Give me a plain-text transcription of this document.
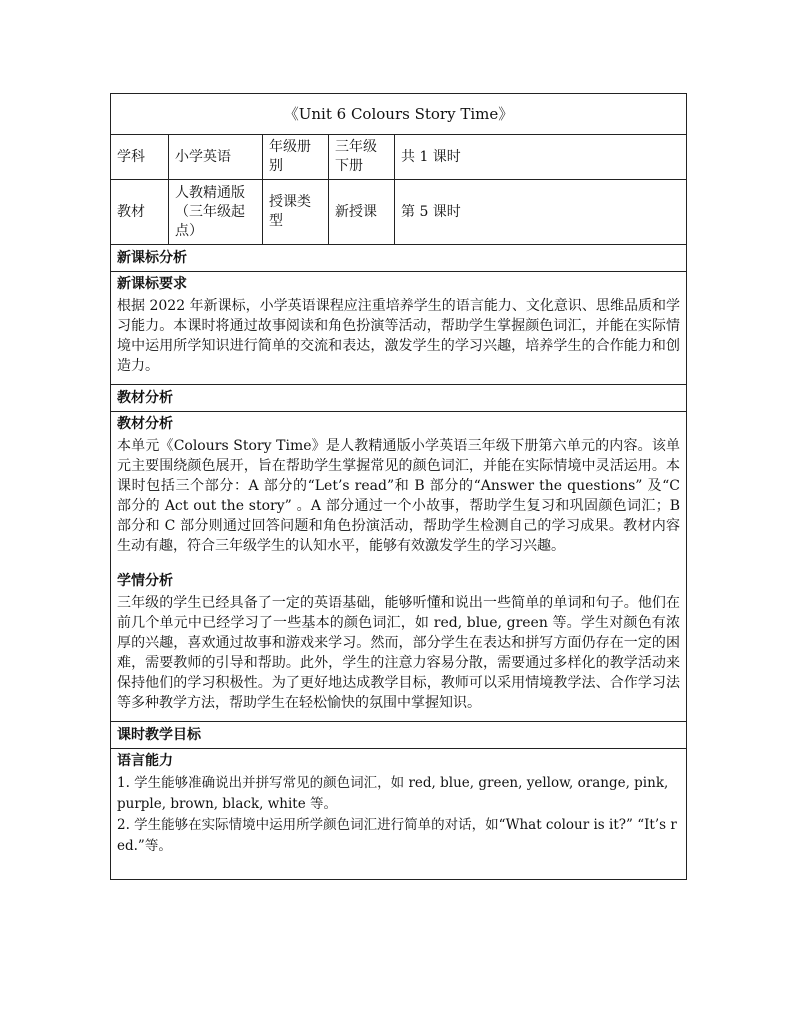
《Unit 6 Colours Story Time》				
学科	小学英语	年级册别	三年级下册	共 1 课时
教材	人教精通版（三年级起点）	授课类型	新授课	第 5 课时
新课标分析				

新课标要求

根据 2022 年新课标，小学英语课程应注重培养学生的语言能力、文化意识、思维品质和学习能力。本课时将通过故事阅读和角色扮演等活动，帮助学生掌握颜色词汇，并能在实际情境中运用所学知识进行简单的交流和表达，激发学生的学习兴趣，培养学生的合作能力和创造力。				

教材分析				

教材分析

本单元《Colours Story Time》是人教精通版小学英语三年级下册第六单元的内容。该单元主要围绕颜色展开，旨在帮助学生掌握常见的颜色词汇，并能在实际情境中灵活运用。本课时包括三个部分：A 部分的“Let’s read”和 B 部分的“Answer the questions” 及“C 部分的 Act out the story” 。A 部分通过一个小故事，帮助学生复习和巩固颜色词汇；B 部分和 C 部分则通过回答问题和角色扮演活动，帮助学生检测自己的学习成果。教材内容生动有趣，符合三年级学生的认知水平，能够有效激发学生的学习兴趣。

学情分析

三年级的学生已经具备了一定的英语基础，能够听懂和说出一些简单的单词和句子。他们在前几个单元中已经学习了一些基本的颜色词汇，如 red, blue, green 等。学生对颜色有浓厚的兴趣，喜欢通过故事和游戏来学习。然而，部分学生在表达和拼写方面仍存在一定的困难，需要教师的引导和帮助。此外，学生的注意力容易分散，需要通过多样化的教学活动来保持他们的学习积极性。为了更好地达成教学目标，教师可以采用情境教学法、合作学习法等多种教学方法，帮助学生在轻松愉快的氛围中掌握知识。				

课时教学目标				

语言能力

1. 学生能够准确说出并拼写常见的颜色词汇，如 red, blue, green, yellow, orange, pink, purple, brown, black, white 等。

2. 学生能够在实际情境中运用所学颜色词汇进行简单的对话，如“What colour is it?” “It’s red.”等。				
